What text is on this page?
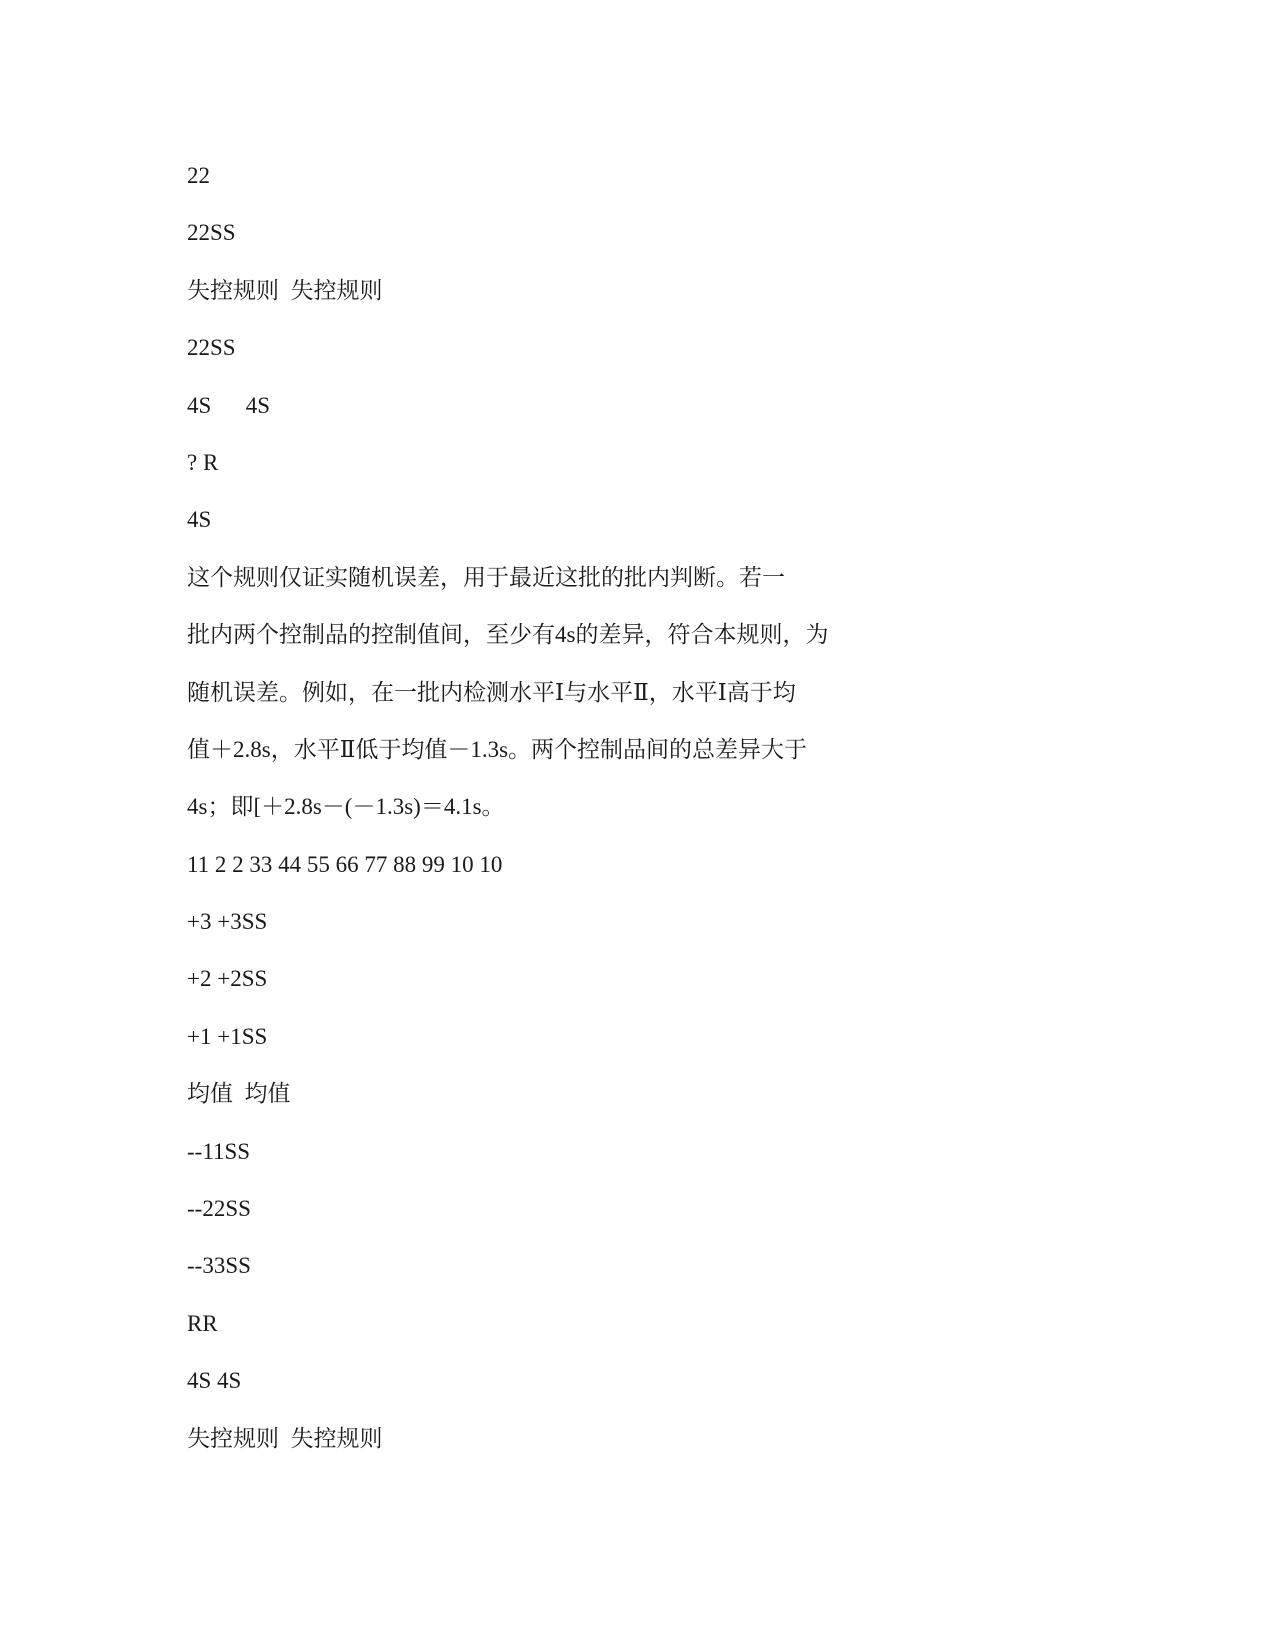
22
22SS
失控规则  失控规则
22SS
4S      4S
? R
4S
这个规则仅证实随机误差，用于最近这批的批内判断。若一
批内两个控制品的控制值间，至少有4s的差异，符合本规则，为
随机误差。例如，在一批内检测水平Ⅰ与水平Ⅱ，水平Ⅰ高于均
值＋2.8s，水平Ⅱ低于均值－1.3s。两个控制品间的总差异大于
4s；即[＋2.8s－(－1.3s)＝4.1s。
11 2 2 33 44 55 66 77 88 99 10 10
+3 +3SS
+2 +2SS
+1 +1SS
均值  均值
--11SS
--22SS
--33SS
RR
4S 4S
失控规则  失控规则
